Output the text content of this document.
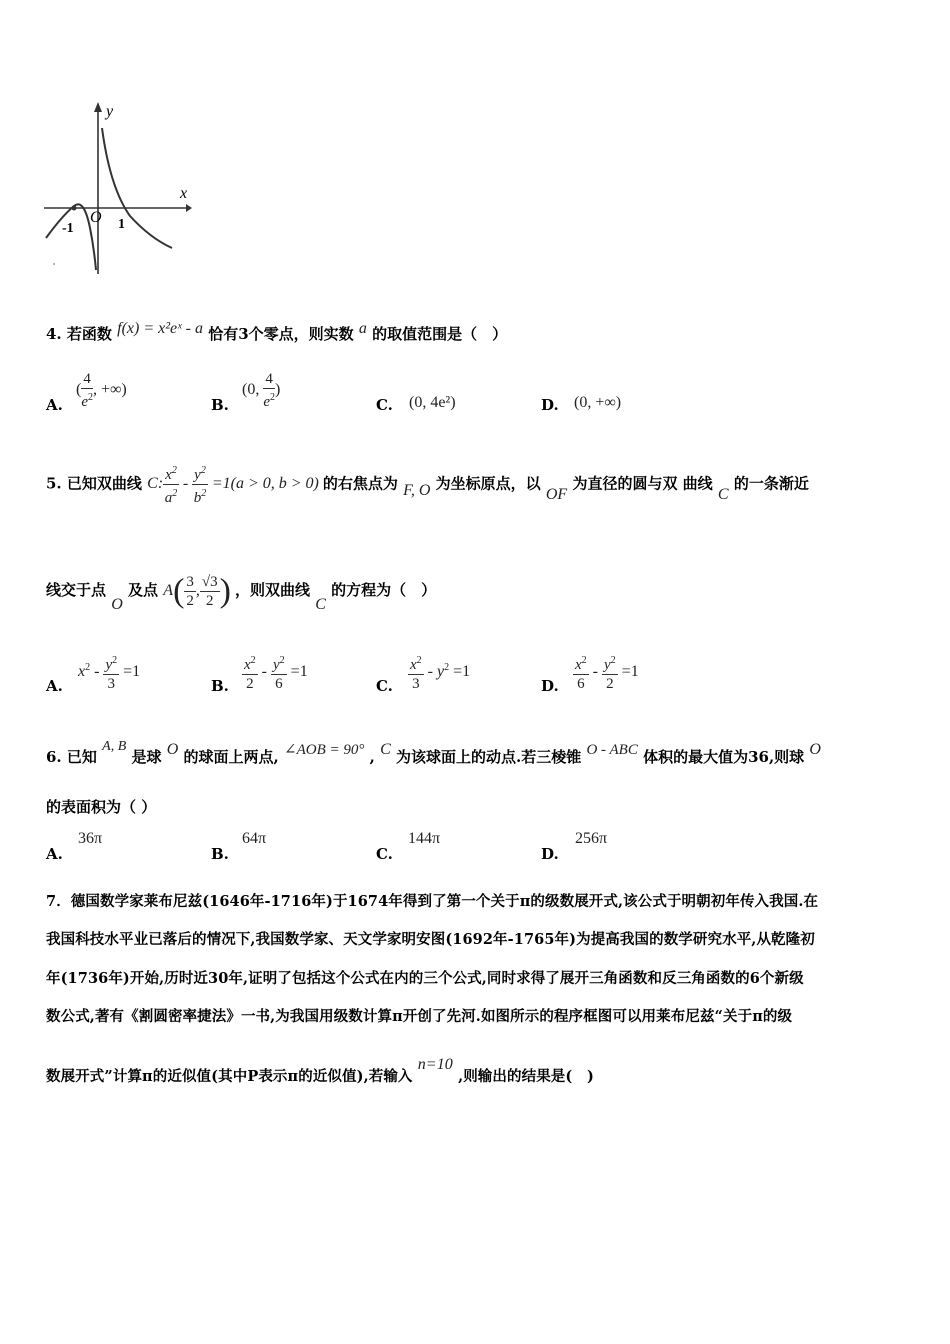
y
x
O
-1	1
4. 若函数 f(x) = x²eˣ - a 恰有3个零点，则实数 a 的取值范围是（　）
A.
( $\frac{4}{e^2}$ , +∞)
B.
(0, $\frac{4}{e^2}$ )
C. (0, 4e²)	D. (0, +∞)
5. 已知双曲线 C: $\frac{x^2}{a^2} - \frac{y^2}{b^2} =1(a > 0$, b > 0) 的右焦点为 F, O 为坐标原点，以 OF 为直径的圆与双 曲线 C 的一条渐近
线交于点 O 及点 $A( \frac{3}{2}$ , $\frac{√3}{2}$ ) ，则双曲线 C 的方程为（　）
A.
$x^2 - \frac{y^2}{3} =1$
B. $\frac{x^2}{2} - \frac{y^2}{6} =1$
C. $\frac{x^2}{3} - y^2 =1$
D. $\frac{x^2}{6} - \frac{y^2}{2} =1$
6. 已知 A, B 是球 O 的球面上两点, ∠AOB = 90° , C 为该球面上的动点.若三棱锥 O - ABC 体积的最大值为36,则球 O
的表面积为（ ）
A.
36π
B.
64π
C.
144π
D.
256π
7．德国数学家莱布尼兹(1646年-1716年)于1674年得到了第一个关于π的级数展开式,该公式于明朝初年传入我国.在
我国科技水平业已落后的情况下,我国数学家、天文学家明安图(1692年-1765年)为提高我国的数学研究水平,从乾隆初
年(1736年)开始,历时近30年,证明了包括这个公式在内的三个公式,同时求得了展开三角函数和反三角函数的6个新级
数公式,著有《割圆密率捷法》一书,为我国用级数计算π开创了先河.如图所示的程序框图可以用莱布尼兹“关于π的级
数展开式”计算π的近似值(其中P表示π的近似值),若输入 n=10 ,则输出的结果是(　)
